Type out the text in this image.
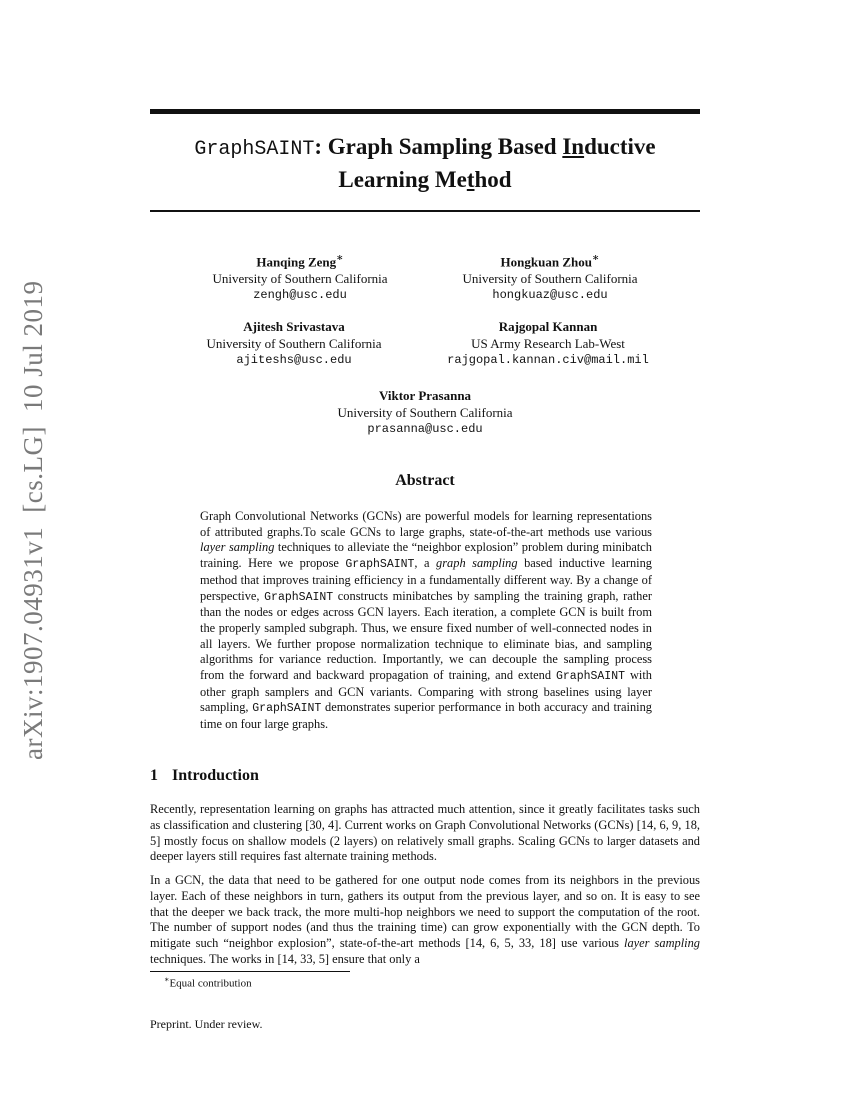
arXiv:1907.04931v1[cs.LG]10 Jul 2019
GraphSAINT: Graph Sampling Based Inductive
Learning Method
Hanqing Zeng∗
University of Southern California
zengh@usc.edu
Hongkuan Zhou∗
University of Southern California
hongkuaz@usc.edu
Ajitesh Srivastava
University of Southern California
ajiteshs@usc.edu
Rajgopal Kannan
US Army Research Lab-West
rajgopal.kannan.civ@mail.mil
Viktor Prasanna
University of Southern California
prasanna@usc.edu
Abstract
Graph Convolutional Networks (GCNs) are powerful models for learning representations of attributed graphs.To scale GCNs to large graphs, state-of-the-art methods use various layer sampling techniques to alleviate the “neighbor explosion” problem during minibatch training. Here we propose GraphSAINT, a graph sampling based inductive learning method that improves training efficiency in a fundamentally different way. By a change of perspective, GraphSAINT constructs minibatches by sampling the training graph, rather than the nodes or edges across GCN layers. Each iteration, a complete GCN is built from the properly sampled subgraph. Thus, we ensure fixed number of well-connected nodes in all layers. We further propose normalization technique to eliminate bias, and sampling algorithms for variance reduction. Importantly, we can decouple the sampling process from the forward and backward propagation of training, and extend GraphSAINT with other graph samplers and GCN variants. Comparing with strong baselines using layer sampling, GraphSAINT demonstrates superior performance in both accuracy and training time on four large graphs.
1 Introduction
Recently, representation learning on graphs has attracted much attention, since it greatly facilitates tasks such as classification and clustering [30, 4]. Current works on Graph Convolutional Networks (GCNs) [14, 6, 9, 18, 5] mostly focus on shallow models (2 layers) on relatively small graphs. Scaling GCNs to larger datasets and deeper layers still requires fast alternate training methods.
In a GCN, the data that need to be gathered for one output node comes from its neighbors in the previous layer. Each of these neighbors in turn, gathers its output from the previous layer, and so on. It is easy to see that the deeper we back track, the more multi-hop neighbors we need to support the computation of the root. The number of support nodes (and thus the training time) can grow exponentially with the GCN depth. To mitigate such “neighbor explosion”, state-of-the-art methods [14, 6, 5, 33, 18] use various layer sampling techniques. The works in [14, 33, 5] ensure that only a
∗Equal contribution
Preprint. Under review.
